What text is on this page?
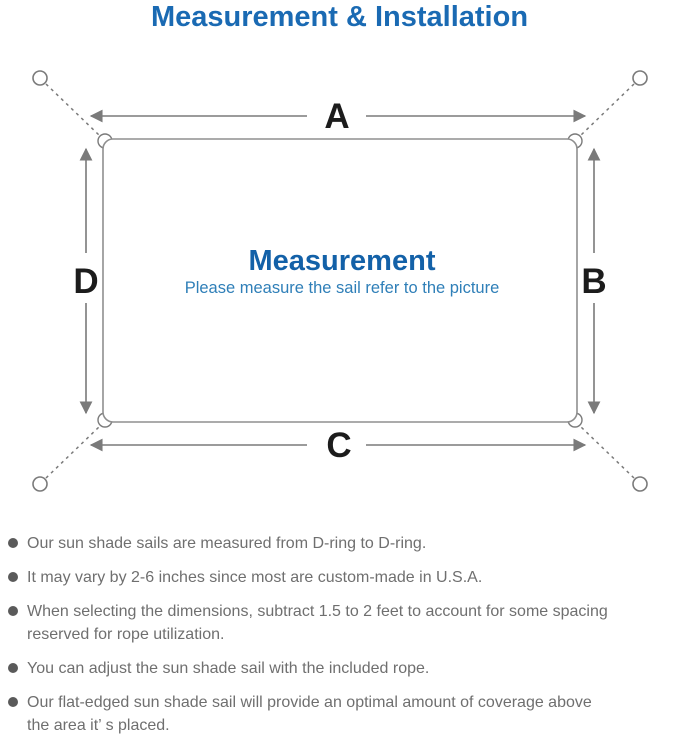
Measurement & Installation
A
B
C
D
Measurement
Please measure the sail refer to the picture
Our sun shade sails are measured from D-ring to D-ring.
It may vary by 2-6 inches since most are custom-made in U.S.A.
When selecting the dimensions, subtract 1.5 to 2 feet to account for some spacing
reserved for rope utilization.
You can adjust the sun shade sail with the included rope.
Our flat-edged sun shade sail will provide an optimal amount of coverage above
the area it’ s placed.
